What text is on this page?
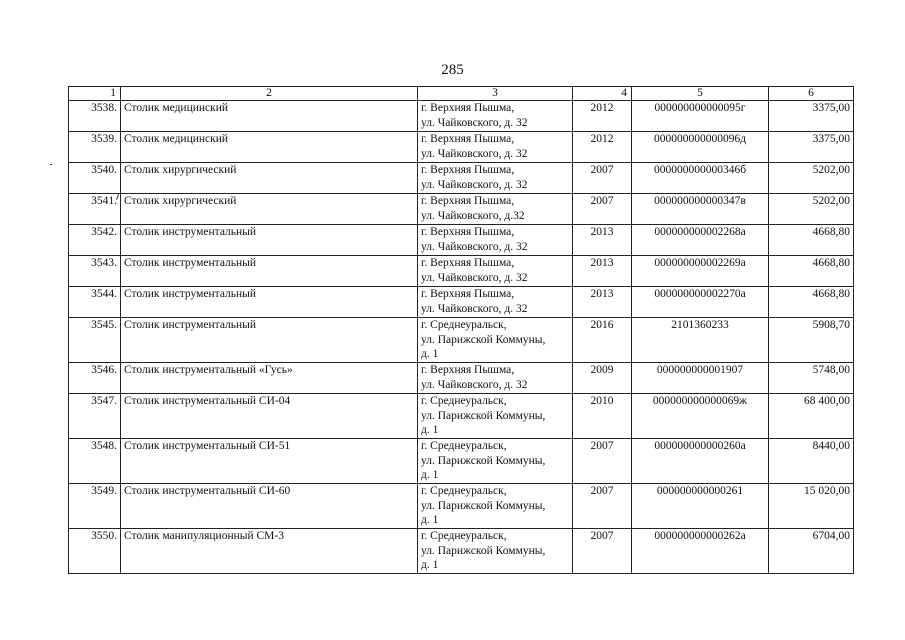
285
1	2	3	4	5	6
3538.	Столик медицинский	г. Верхняя Пышма,
ул. Чайковского, д. 32	2012	000000000000095г	3375,00
3539.	Столик медицинский	г. Верхняя Пышма,
ул. Чайковского, д. 32	2012	000000000000096д	3375,00
3540.	Столик хирургический	г. Верхняя Пышма,
ул. Чайковского, д. 32	2007	000000000000346б	5202,00
3541.	Столик хирургический	г. Верхняя Пышма,
ул. Чайковского, д.32	2007	000000000000347в	5202,00
3542.	Столик инструментальный	г. Верхняя Пышма,
ул. Чайковского, д. 32	2013	000000000002268а	4668,80
3543.	Столик инструментальный	г. Верхняя Пышма,
ул. Чайковского, д. 32	2013	000000000002269а	4668,80
3544.	Столик инструментальный	г. Верхняя Пышма,
ул. Чайковского, д. 32	2013	000000000002270а	4668,80
3545.	Столик инструментальный	г. Среднеуральск,
ул. Парижской Коммуны,
д. 1	2016	2101360233	5908,70
3546.	Столик инструментальный «Гусь»	г. Верхняя Пышма,
ул. Чайковского, д. 32	2009	000000000001907	5748,00
3547.	Столик инструментальный СИ-04	г. Среднеуральск,
ул. Парижской Коммуны,
д. 1	2010	000000000000069ж	68 400,00
3548.	Столик инструментальный СИ-51	г. Среднеуральск,
ул. Парижской Коммуны,
д. 1	2007	000000000000260а	8440,00
3549.	Столик инструментальный СИ-60	г. Среднеуральск,
ул. Парижской Коммуны,
д. 1	2007	000000000000261	15 020,00
3550.	Столик манипуляционный СМ-3	г. Среднеуральск,
ул. Парижской Коммуны,
д. 1	2007	000000000000262а	6704,00
